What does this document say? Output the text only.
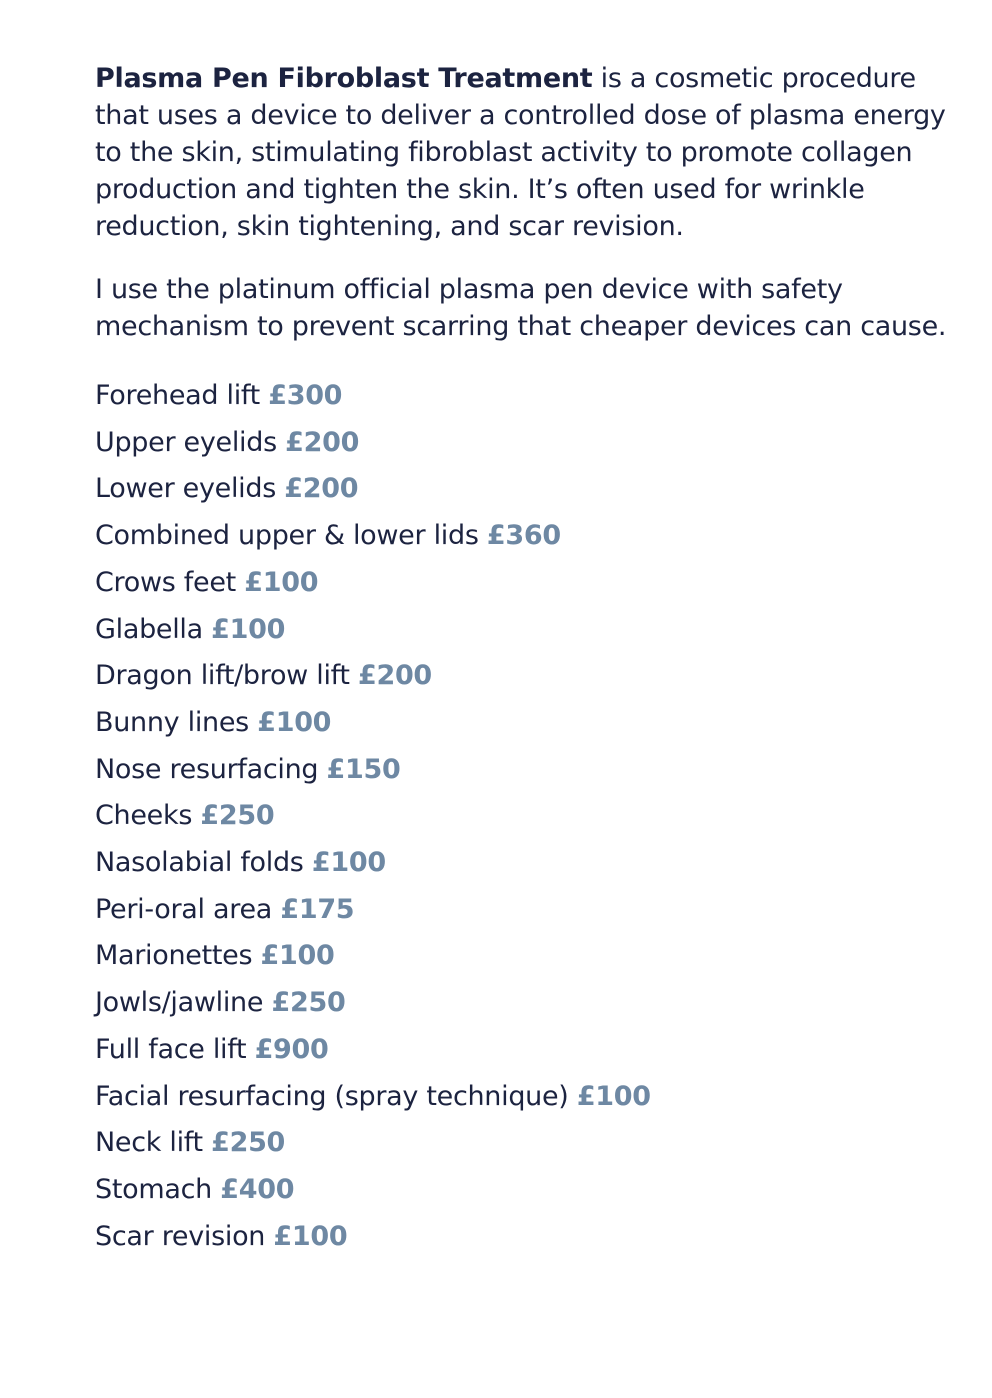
Plasma Pen Fibroblast Treatment is a cosmetic procedure that uses a device to deliver a controlled dose of plasma energy to the skin, stimulating fibroblast activity to promote collagen production and tighten the skin. It’s often used for wrinkle reduction, skin tightening, and scar revision.

I use the platinum official plasma pen device with safety mechanism to prevent scarring that cheaper devices can cause.

Forehead lift £300
Upper eyelids £200
Lower eyelids £200
Combined upper & lower lids £360
Crows feet £100
Glabella £100
Dragon lift/brow lift £200
Bunny lines £100
Nose resurfacing £150
Cheeks £250
Nasolabial folds £100
Peri-oral area £175
Marionettes £100
Jowls/jawline £250
Full face lift £900
Facial resurfacing (spray technique) £100
Neck lift £250
Stomach £400
Scar revision £100
